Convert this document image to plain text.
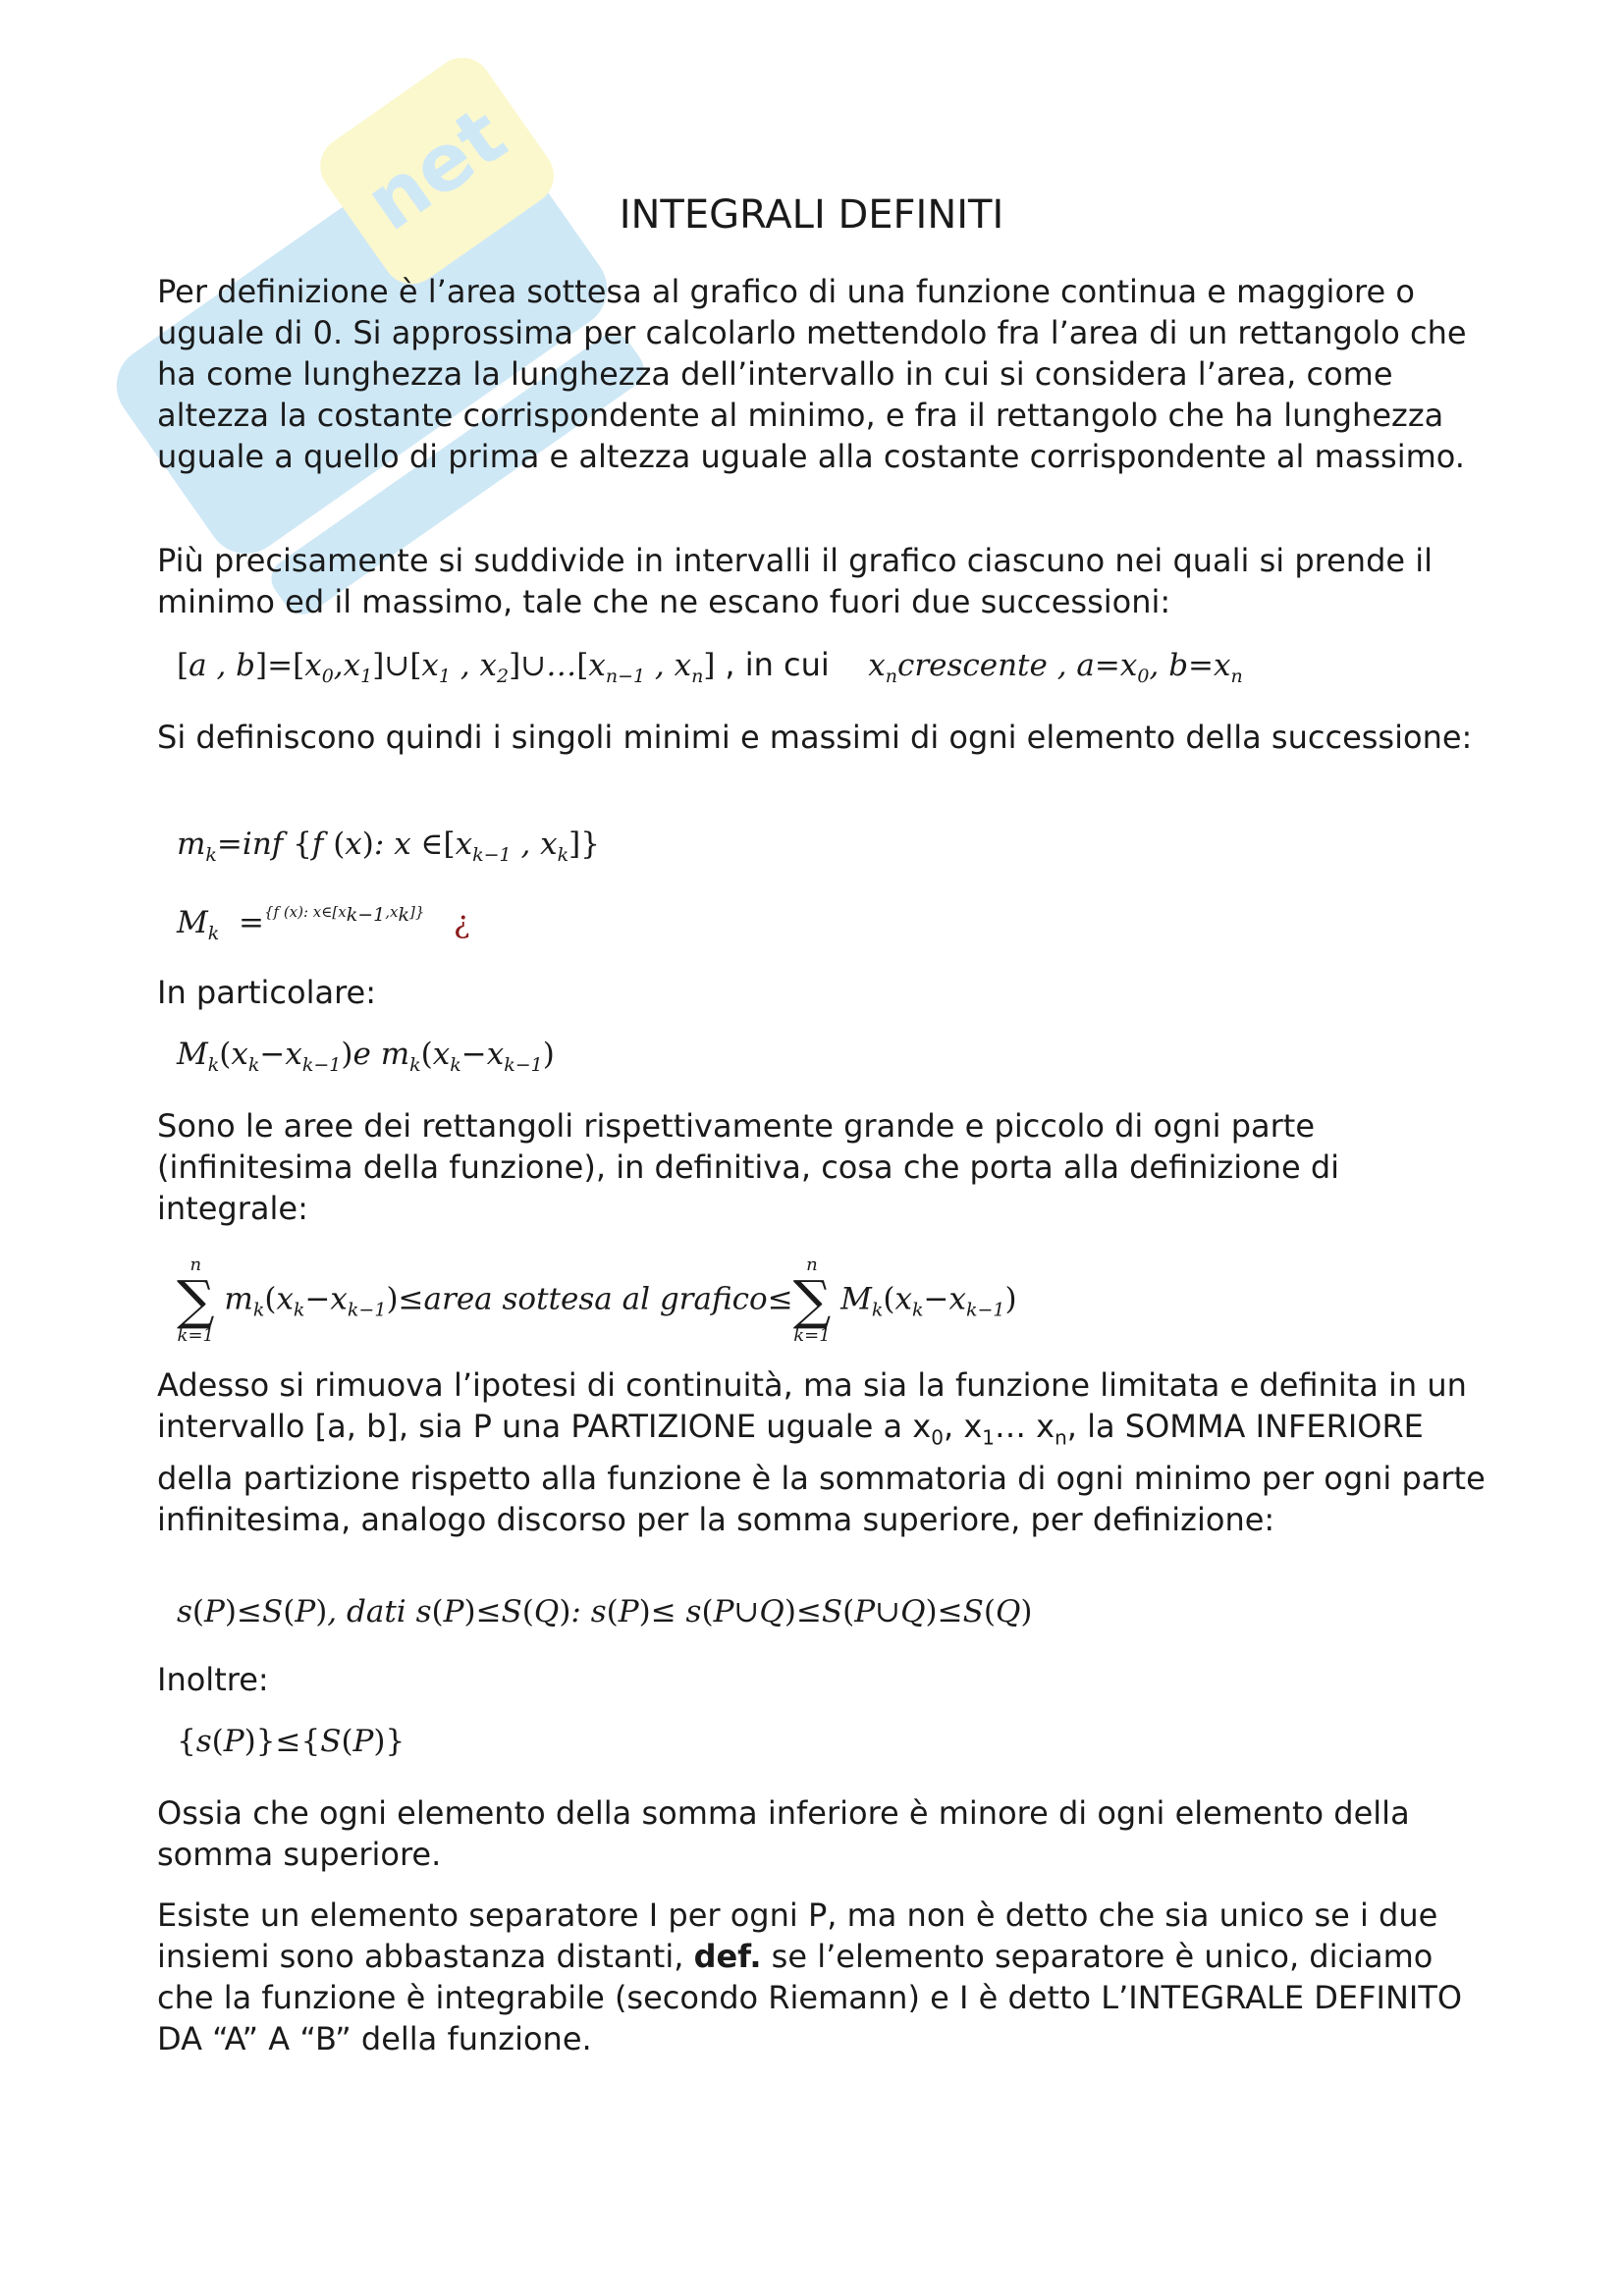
net	INTEGRALI DEFINITI

Per definizione è l’area sottesa al grafico di una funzione continua e maggiore o uguale di 0. Si approssima per calcolarlo mettendolo fra l’area di un rettangolo che ha come lunghezza la lunghezza dell’intervallo in cui si considera l’area, come altezza la costante corrispondente al minimo, e fra il rettangolo che ha lunghezza uguale a quello di prima e altezza uguale alla costante corrispondente al massimo.

Più precisamente si suddivide in intervalli il grafico ciascuno nei quali si prende il minimo ed il massimo, tale che ne escano fuori due successioni:

[a , $b]=[x_0,x_1]\cup[x_1$ , $x_2]\cup\dots[x_{n-1}$ , $x_n$] , in cui    $x_ncrescente$ , $a=x_0$, $b=x_n$

Si definiscono quindi i singoli minimi e massimi di ogni elemento della successione:

$m_k=inf$ {f (x): x $\in[x_{k-1}$ , $x_k$]}
$M_k =^{\{f (x): x\in[x_{k-1},x_k]\}}$ ¿

In particolare:

$M_k(x_k-x_{k-1})e$ $m_k(x_k-x_{k-1})$

Sono le aree dei rettangoli rispettivamente grande e piccolo di ogni parte (infinitesima della funzione), in definitiva, cosa che porta alla definizione di integrale:

n
∑
k=1
$m_k(x_k-x_{k-1})\le area$ sottesa al grafico≤
n
∑
k=1
$M_k(x_k-x_{k-1})$

Adesso si rimuova l’ipotesi di continuità, ma sia la funzione limitata e definita in un intervallo [a, b], sia P una PARTIZIONE uguale a $x_0$, $x_1\dots$ $x_n$, la SOMMA INFERIORE della partizione rispetto alla funzione è la sommatoria di ogni minimo per ogni parte infinitesima, analogo discorso per la somma superiore, per definizione:

s(P)≤S(P), dati s(P)≤S(Q): s(P)≤ s(P∪Q)≤S(P∪Q)≤S(Q)

Inoltre:

{s(P)}≤{S(P)}

Ossia che ogni elemento della somma inferiore è minore di ogni elemento della somma superiore.

Esiste un elemento separatore I per ogni P, ma non è detto che sia unico se i due insiemi sono abbastanza distanti, def. se l’elemento separatore è unico, diciamo che la funzione è integrabile (secondo Riemann) e I è detto L’INTEGRALE DEFINITO DA “A” A “B” della funzione.
